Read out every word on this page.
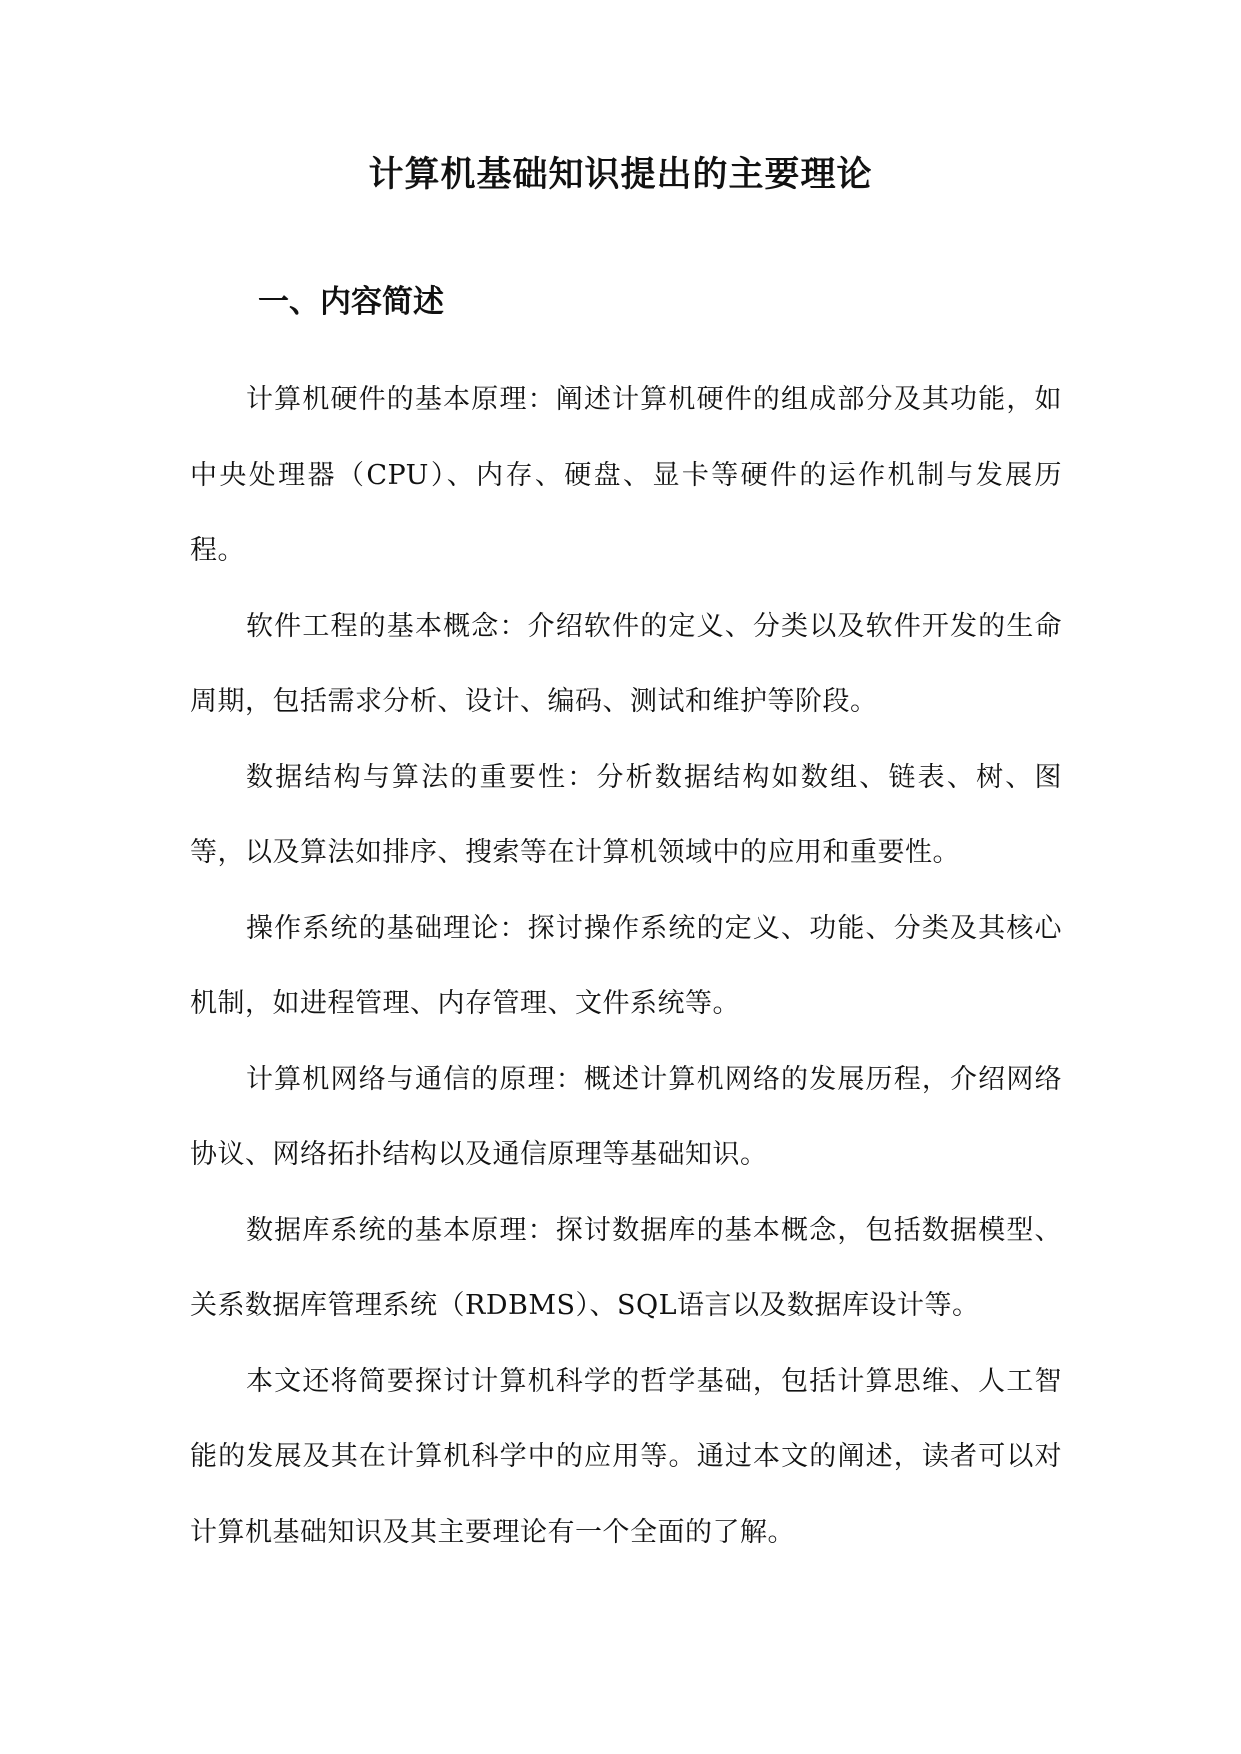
计算机基础知识提出的主要理论
一、内容简述

计算机硬件的基本原理：阐述计算机硬件的组成部分及其功能，如中央处理器（CPU）、内存、硬盘、显卡等硬件的运作机制与发展历程。

软件工程的基本概念：介绍软件的定义、分类以及软件开发的生命周期，包括需求分析、设计、编码、测试和维护等阶段。

数据结构与算法的重要性：分析数据结构如数组、链表、树、图等，以及算法如排序、搜索等在计算机领域中的应用和重要性。

操作系统的基础理论：探讨操作系统的定义、功能、分类及其核心机制，如进程管理、内存管理、文件系统等。

计算机网络与通信的原理：概述计算机网络的发展历程，介绍网络协议、网络拓扑结构以及通信原理等基础知识。

数据库系统的基本原理：探讨数据库的基本概念，包括数据模型、关系数据库管理系统（RDBMS）、SQL语言以及数据库设计等。

本文还将简要探讨计算机科学的哲学基础，包括计算思维、人工智能的发展及其在计算机科学中的应用等。通过本文的阐述，读者可以对计算机基础知识及其主要理论有一个全面的了解。
